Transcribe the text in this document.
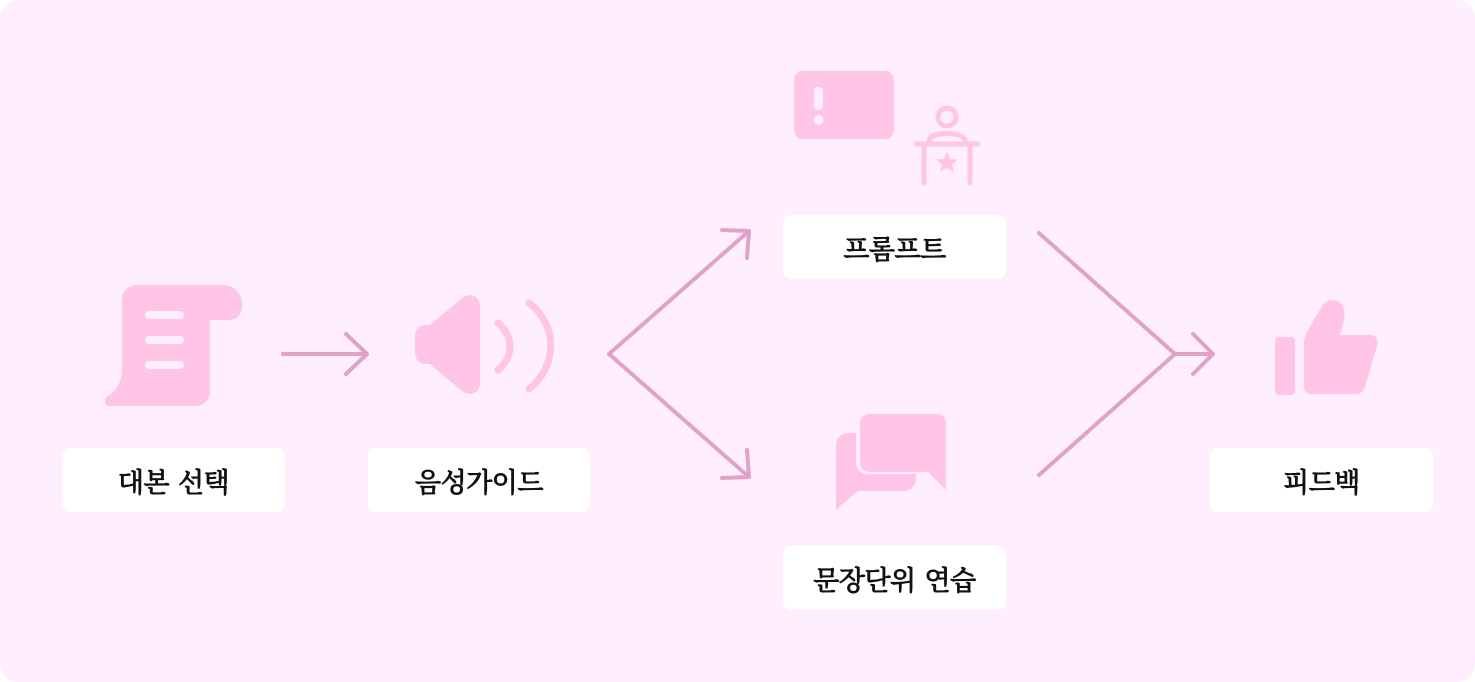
대본 선택	음성가이드
프롬프트
문장단위 연습
피드백
